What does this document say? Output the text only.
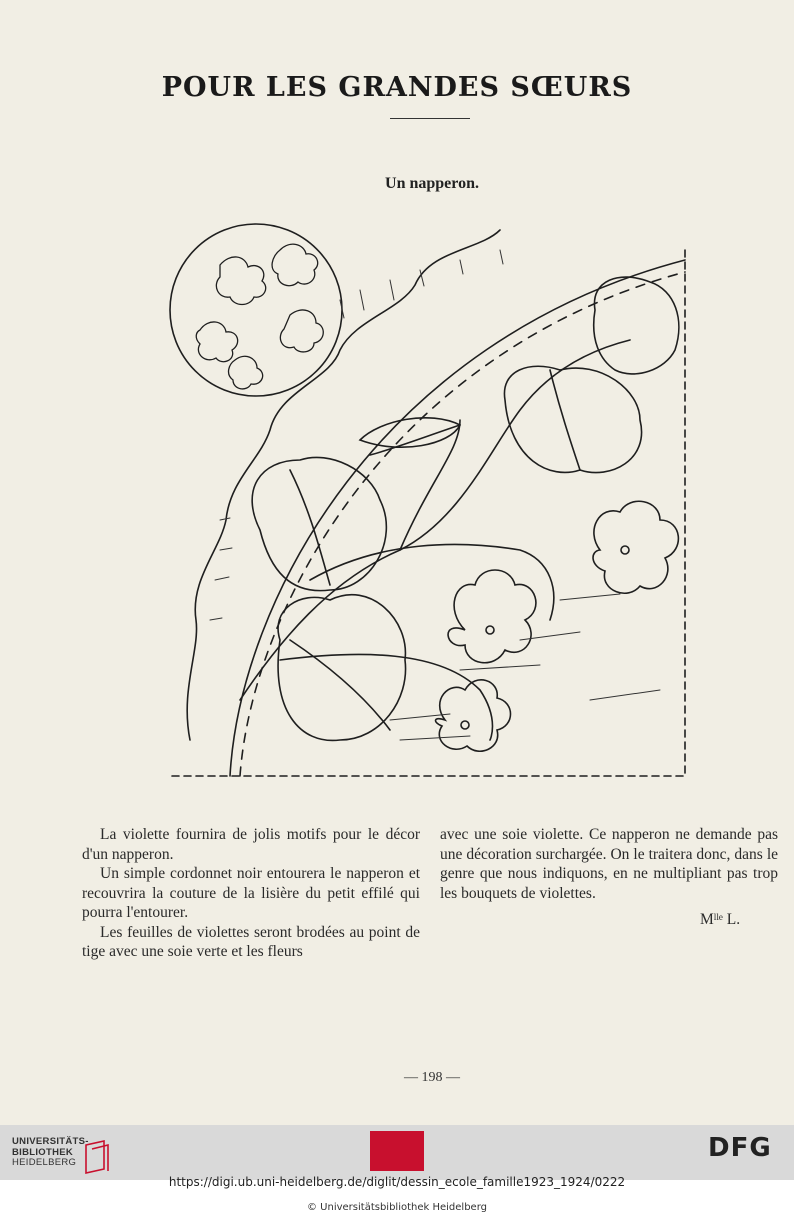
POUR LES GRANDES SŒURS
Un napperon.

La violette fournira de jolis motifs pour le décor d'un napperon.

Un simple cordonnet noir entourera le napperon et recouvrira la couture de la lisière du petit effilé qui pourra l'entourer.

Les feuilles de violettes seront brodées au point de tige avec une soie verte et les fleurs

avec une soie violette. Ce napperon ne demande pas une décoration surchargée. On le traitera donc, dans le genre que nous indiquons, en ne multipliant pas trop les bouquets de violettes.

Mˡˡᵉ L.
— 198 —
UNIVERSITÄTS-
BIBLIOTHEK
HEIDELBERG	DFG
https://digi.ub.uni-heidelberg.de/diglit/dessin_ecole_famille1923_1924/0222
© Universitätsbibliothek Heidelberg
